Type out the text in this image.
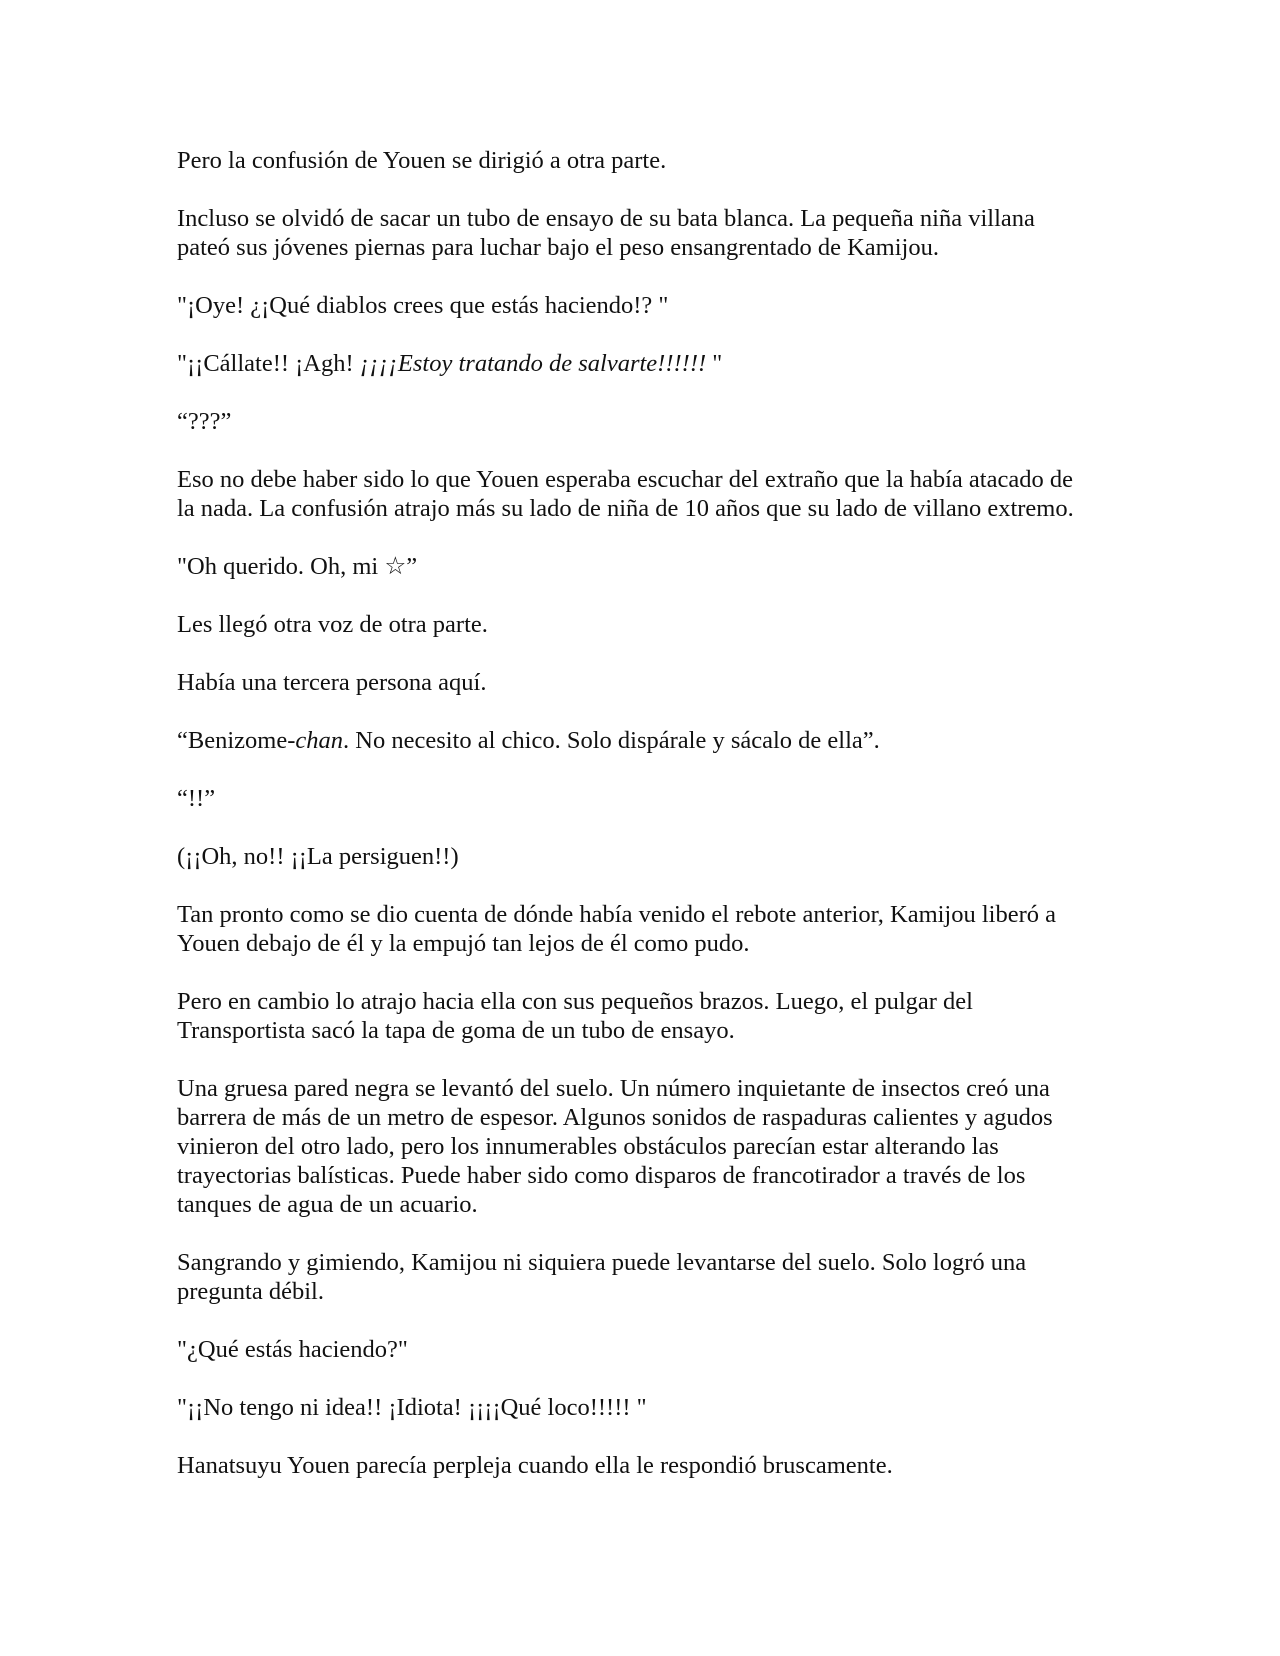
Pero la confusión de Youen se dirigió a otra parte.

Incluso se olvidó de sacar un tubo de ensayo de su bata blanca. La pequeña niña villana
pateó sus jóvenes piernas para luchar bajo el peso ensangrentado de Kamijou.

"¡Oye! ¿¡Qué diablos crees que estás haciendo!? "

"¡¡Cállate!! ¡Agh! ¡¡¡¡Estoy tratando de salvarte!!!!!! "

“???”

Eso no debe haber sido lo que Youen esperaba escuchar del extraño que la había atacado de
la nada. La confusión atrajo más su lado de niña de 10 años que su lado de villano extremo.

"Oh querido. Oh, mi ☆”

Les llegó otra voz de otra parte.

Había una tercera persona aquí.

“Benizome-chan. No necesito al chico. Solo dispárale y sácalo de ella”.

“!!”

(¡¡Oh, no!! ¡¡La persiguen!!)

Tan pronto como se dio cuenta de dónde había venido el rebote anterior, Kamijou liberó a
Youen debajo de él y la empujó tan lejos de él como pudo.

Pero en cambio lo atrajo hacia ella con sus pequeños brazos. Luego, el pulgar del
Transportista sacó la tapa de goma de un tubo de ensayo.

Una gruesa pared negra se levantó del suelo. Un número inquietante de insectos creó una
barrera de más de un metro de espesor. Algunos sonidos de raspaduras calientes y agudos
vinieron del otro lado, pero los innumerables obstáculos parecían estar alterando las
trayectorias balísticas. Puede haber sido como disparos de francotirador a través de los
tanques de agua de un acuario.

Sangrando y gimiendo, Kamijou ni siquiera puede levantarse del suelo. Solo logró una
pregunta débil.

"¿Qué estás haciendo?"

"¡¡No tengo ni idea!! ¡Idiota! ¡¡¡¡Qué loco!!!!! "

Hanatsuyu Youen parecía perpleja cuando ella le respondió bruscamente.
